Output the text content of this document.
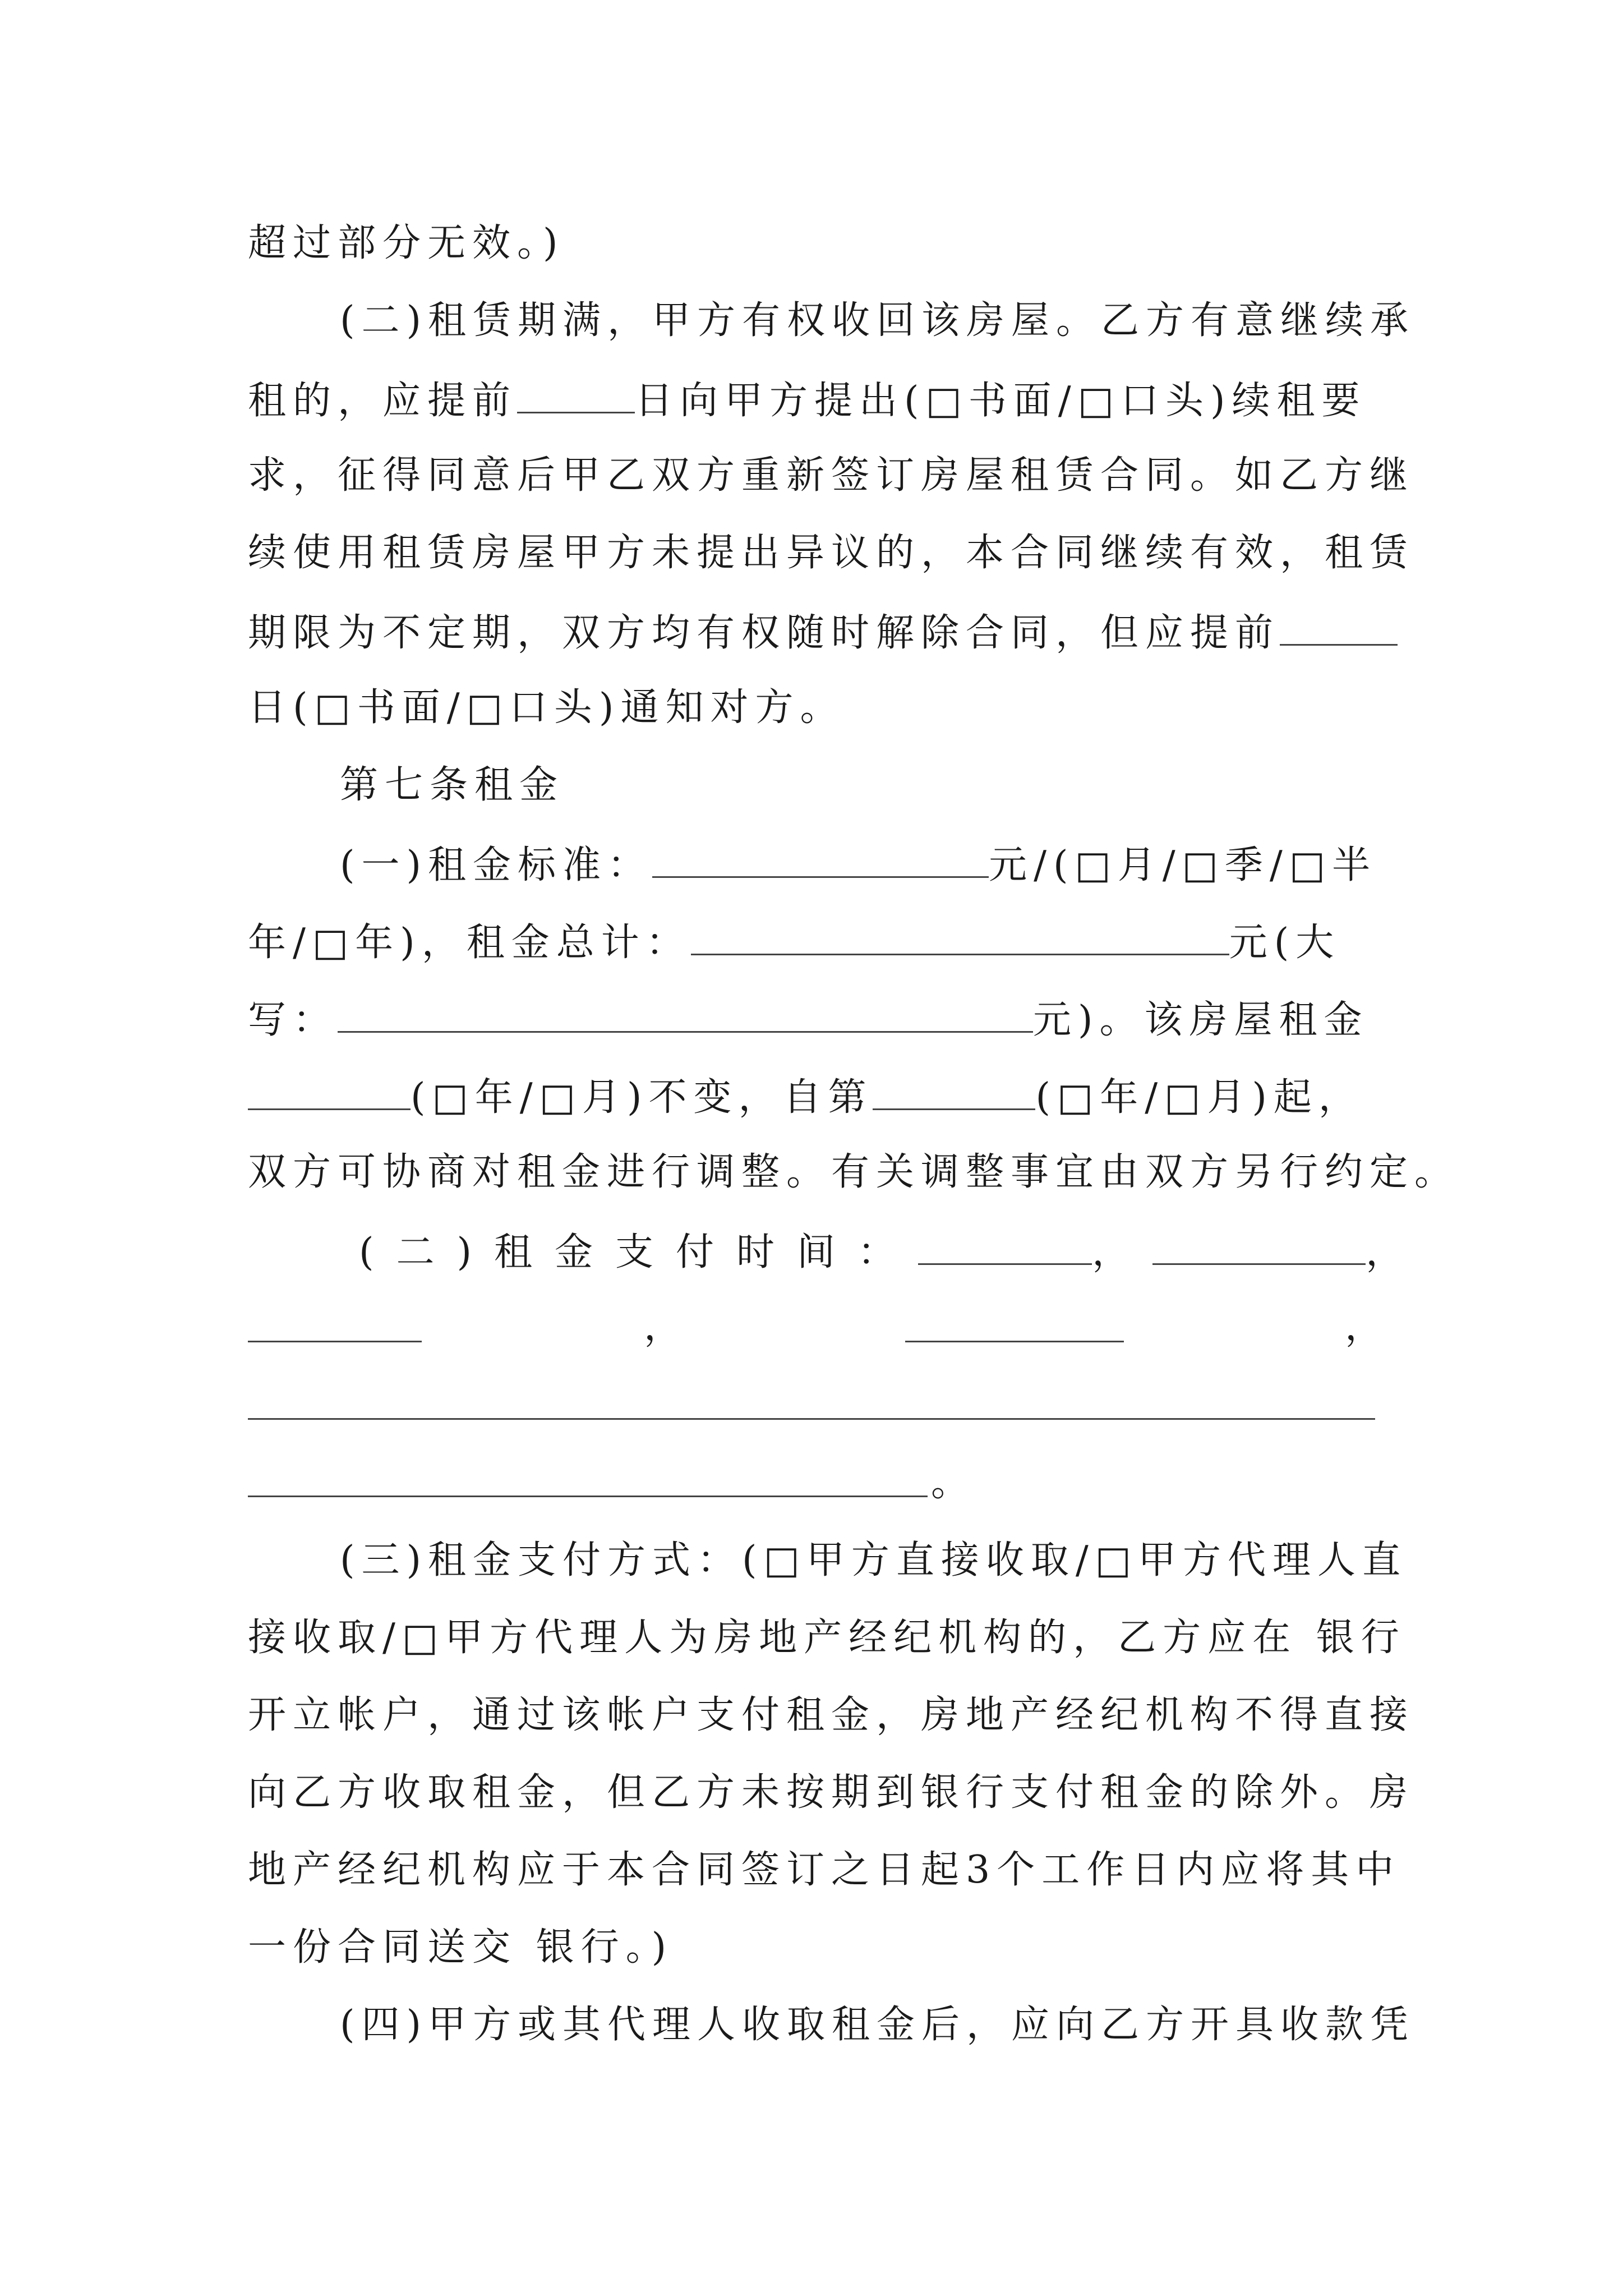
超过部分无效。)
(二)租赁期满，甲方有权收回该房屋。乙方有意继续承
租的，应提前	日向甲方提出(□书面/□口头)续租要
求，征得同意后甲乙双方重新签订房屋租赁合同。如乙方继
续使用租赁房屋甲方未提出异议的，本合同继续有效，租赁
期限为不定期，双方均有权随时解除合同，但应提前
日(□书面/□口头)通知对方。
第七条租金
(一)租金标准：	元/(□月/□季/□半
年/□年)，租金总计：	元(大
写：	元)。该房屋租金
(□年/□月)不变，自第	(□年/□月)起，
双方可协商对租金进行调整。有关调整事宜由双方另行约定。
(二)租金支付时间：	，	，
，	，
。
(三)租金支付方式：(□甲方直接收取/□甲方代理人直
接收取/□甲方代理人为房地产经纪机构的，乙方应在 银行
开立帐户，通过该帐户支付租金，房地产经纪机构不得直接
向乙方收取租金，但乙方未按期到银行支付租金的除外。房
地产经纪机构应于本合同签订之日起3个工作日内应将其中
一份合同送交 银行。)
(四)甲方或其代理人收取租金后，应向乙方开具收款凭
